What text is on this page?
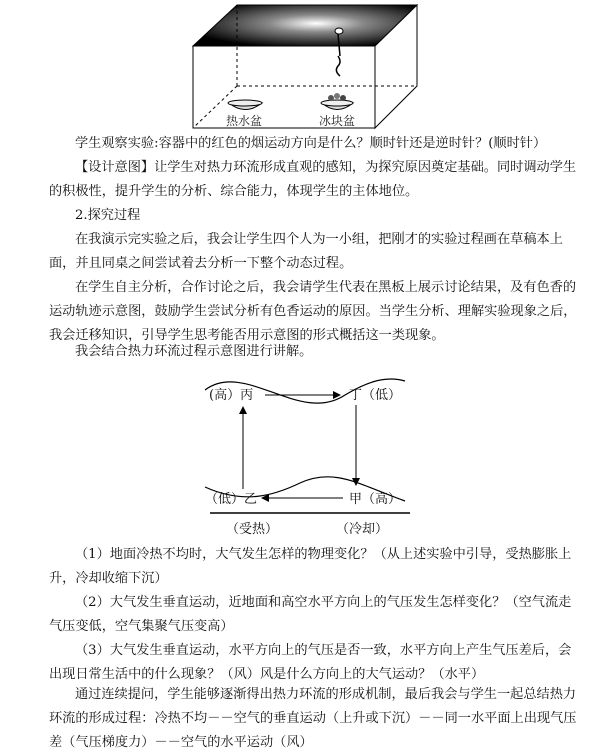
热水盆	冰块盆

学生观察实验:容器中的红色的烟运动方向是什么？顺时针还是逆时针？(顺时针）

【设计意图】让学生对热力环流形成直观的感知，为探究原因奠定基础。同时调动学生的积极性，提升学生的分析、综合能力，体现学生的主体地位。

2.探究过程

在我演示完实验之后，我会让学生四个人为一小组，把刚才的实验过程画在草稿本上面，并且同桌之间尝试着去分析一下整个动态过程。

在学生自主分析，合作讨论之后，我会请学生代表在黑板上展示讨论结果，及有色香的运动轨迹示意图，鼓励学生尝试分析有色香运动的原因。当学生分析、理解实验现象之后，我会迁移知识，引导学生思考能否用示意图的形式概括这一类现象。

我会结合热力环流过程示意图进行讲解。

(高）丙	丁（低）
（低）乙	甲（高）
（受热）	（冷却）

（1）地面冷热不均时，大气发生怎样的物理变化？（从上述实验中引导，受热膨胀上升，冷却收缩下沉）

（2）大气发生垂直运动，近地面和高空水平方向上的气压发生怎样变化？（空气流走气压变低，空气集聚气压变高）

（3）大气发生垂直运动，水平方向上的气压是否一致，水平方向上产生气压差后，会出现日常生活中的什么现象？（风）风是什么方向上的大气运动？（水平）

通过连续提问，学生能够逐渐得出热力环流的形成机制，最后我会与学生一起总结热力环流的形成过程：冷热不均－－空气的垂直运动（上升或下沉）－－同一水平面上出现气压差（气压梯度力）－－空气的水平运动（风）
